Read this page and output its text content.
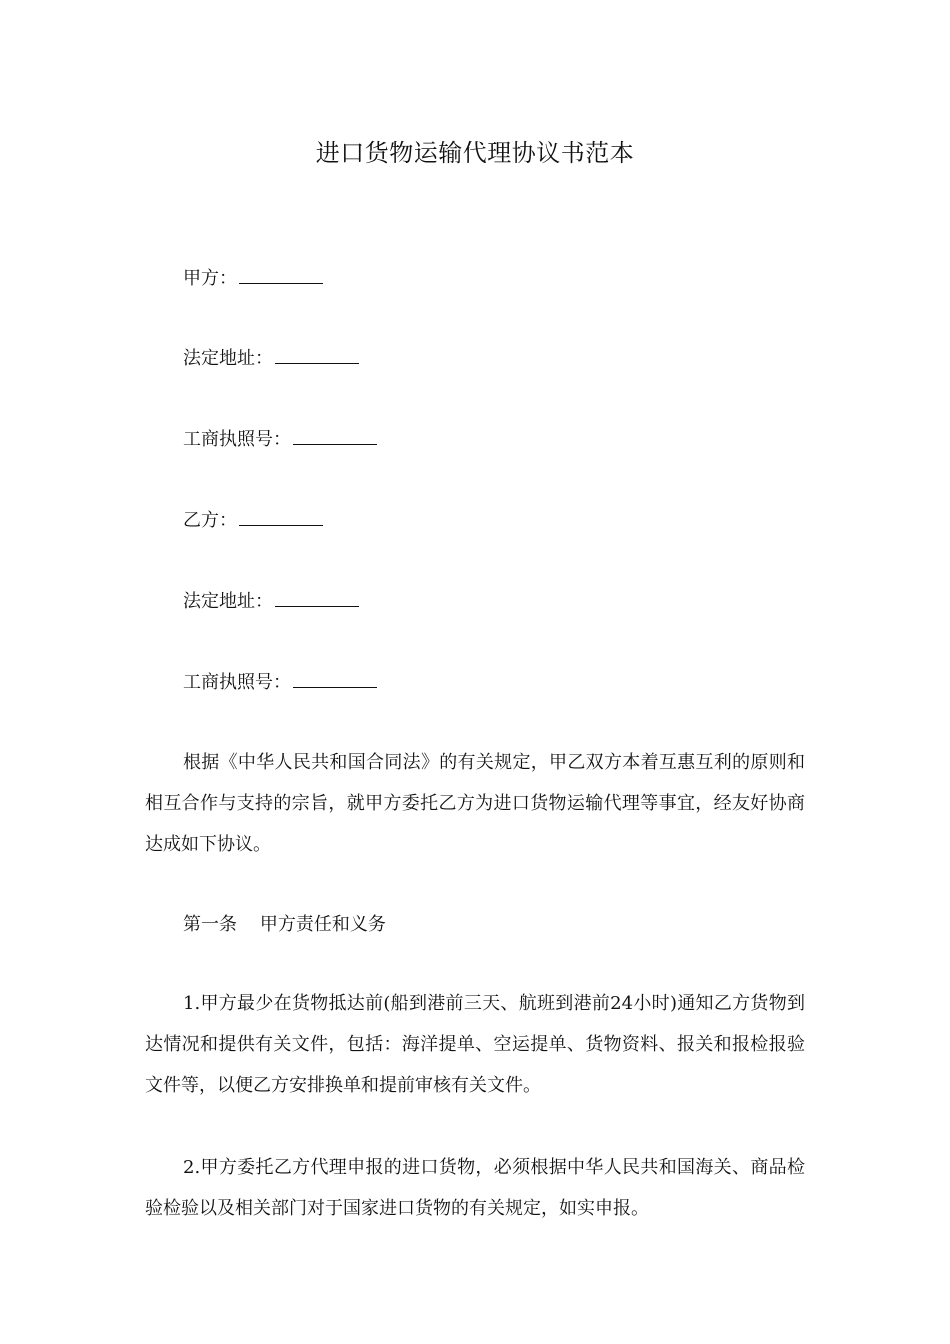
进口货物运输代理协议书范本
甲方：
法定地址：
工商执照号：
乙方：
法定地址：
工商执照号：
根据《中华人民共和国合同法》的有关规定，甲乙双方本着互惠互利的原则和相互合作与支持的宗旨，就甲方委托乙方为进口货物运输代理等事宜，经友好协商达成如下协议。
第一条    甲方责任和义务
1.甲方最少在货物抵达前(船到港前三天、航班到港前24小时)通知乙方货物到达情况和提供有关文件，包括：海洋提单、空运提单、货物资料、报关和报检报验文件等，以便乙方安排换单和提前审核有关文件。
2.甲方委托乙方代理申报的进口货物，必须根据中华人民共和国海关、商品检验检验以及相关部门对于国家进口货物的有关规定，如实申报。
